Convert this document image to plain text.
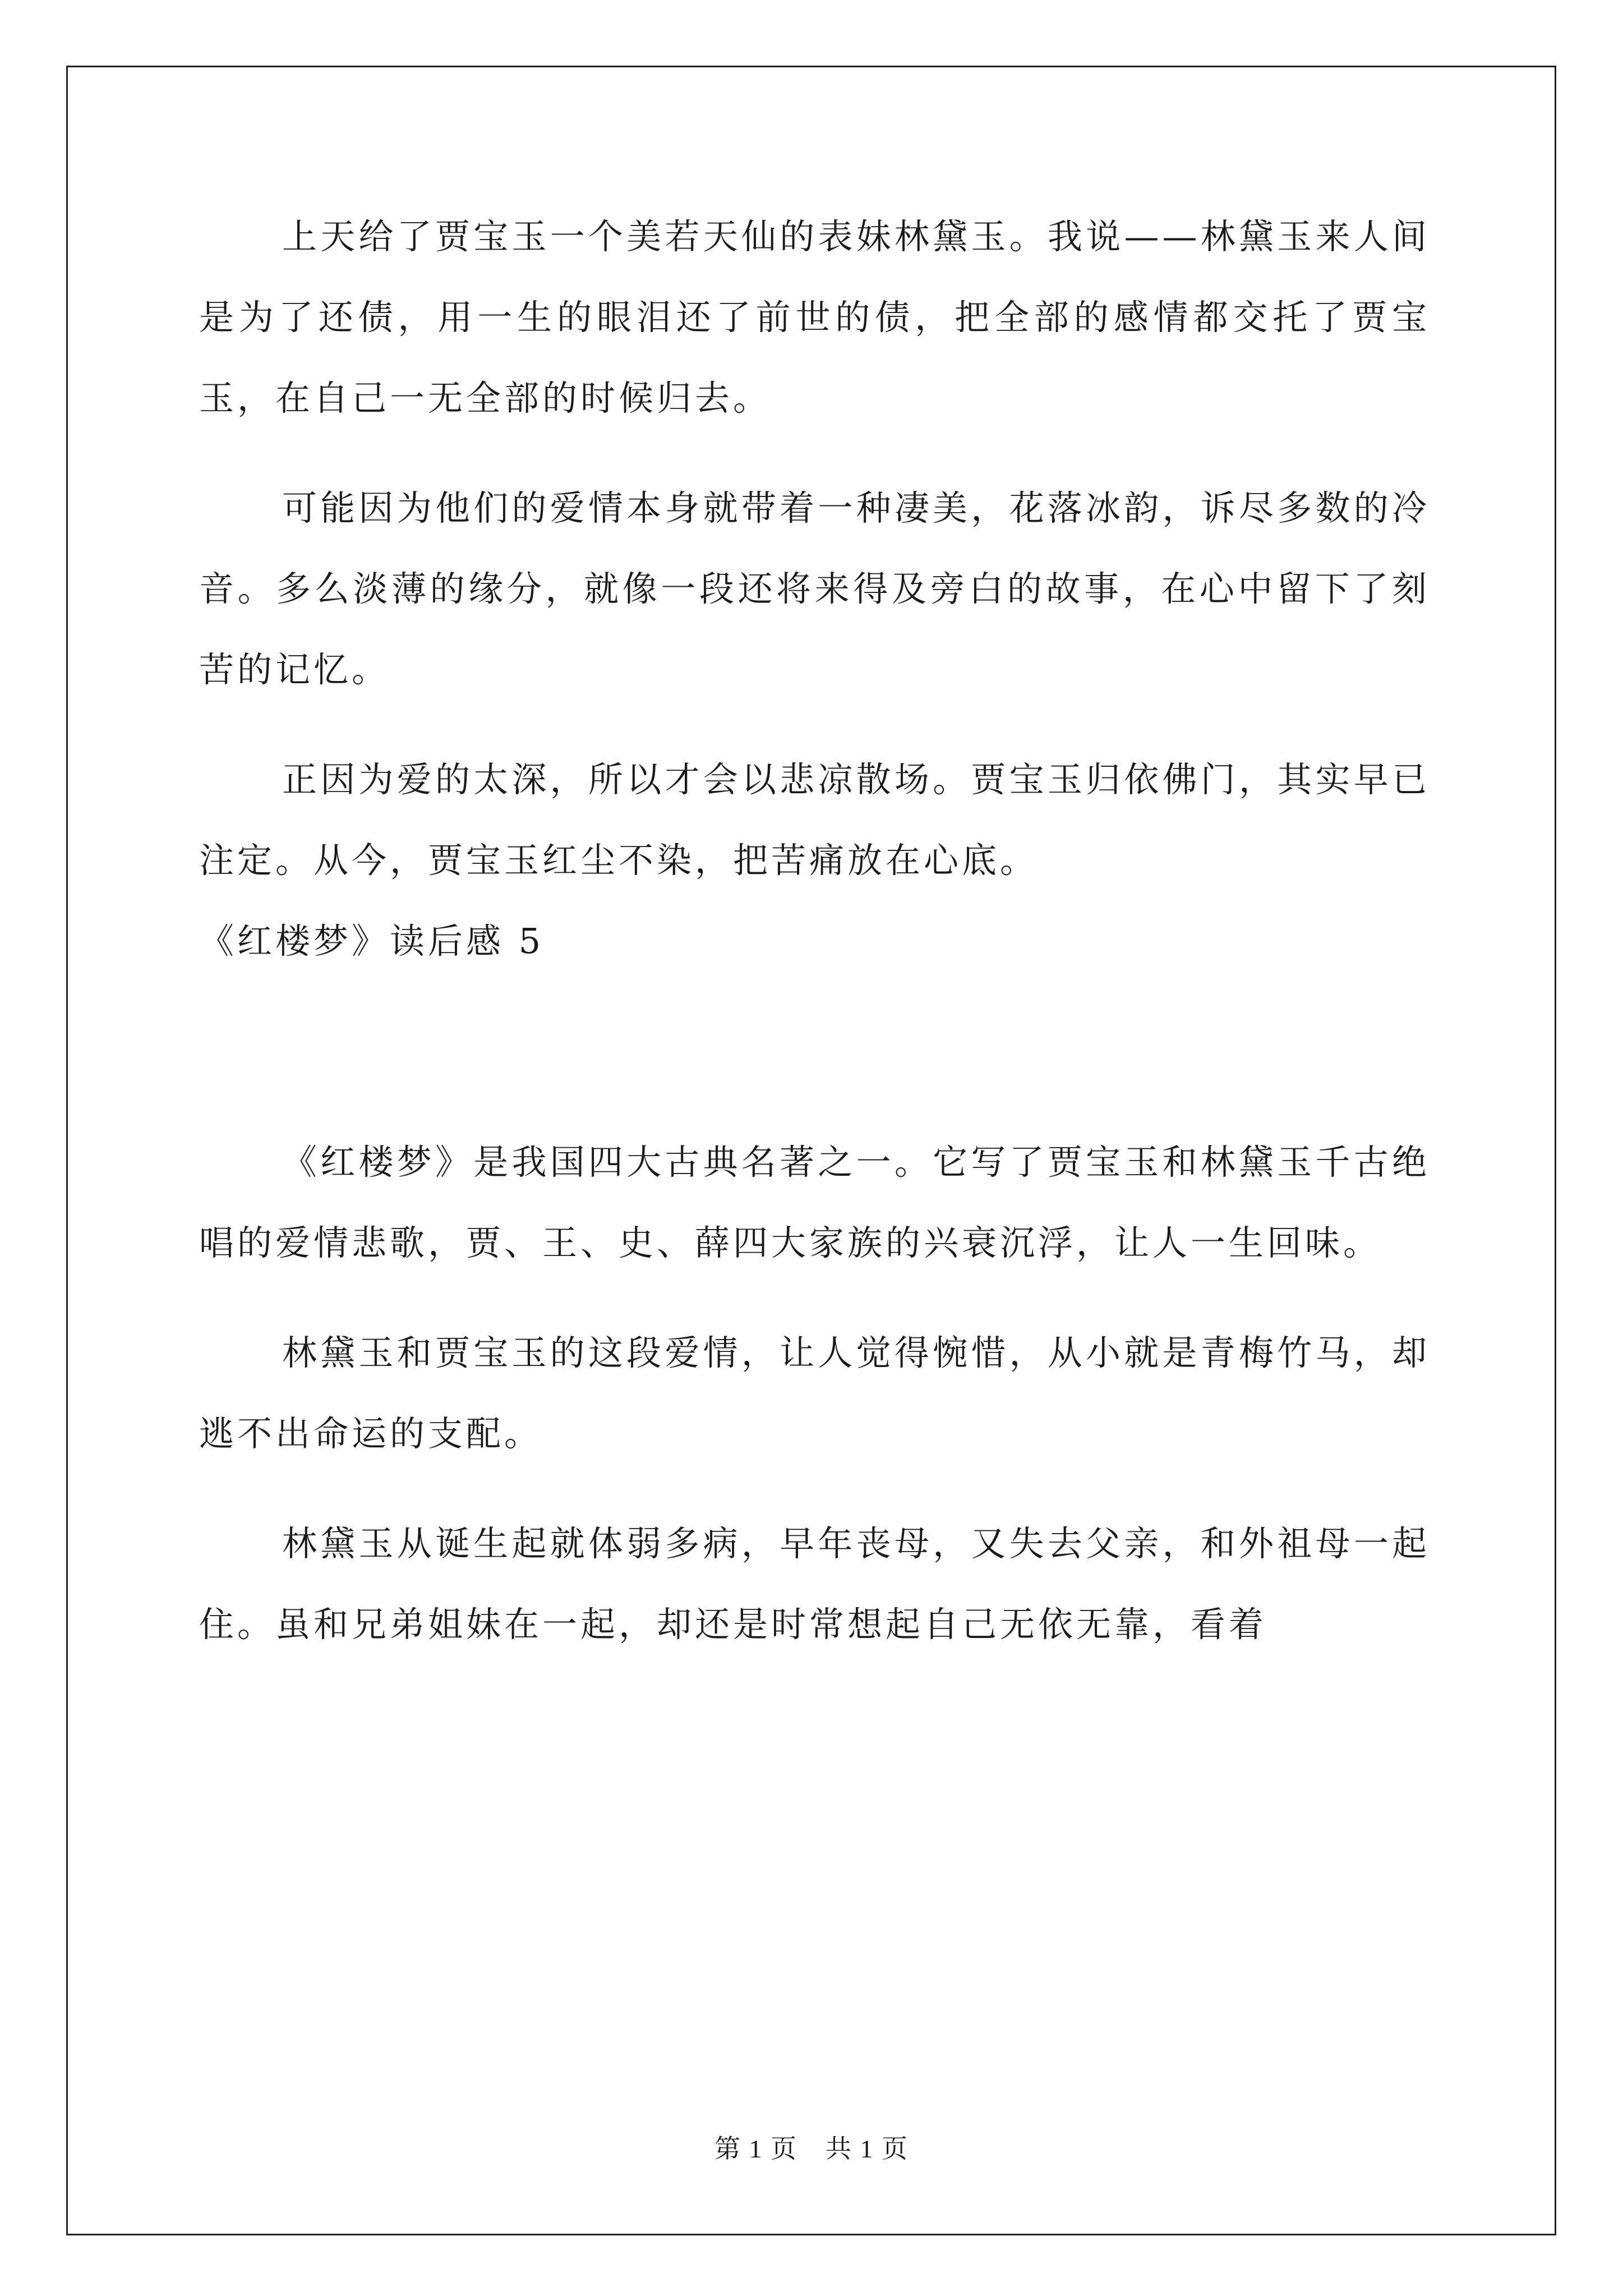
上天给了贾宝玉一个美若天仙的表妹林黛玉。我说——林黛玉来人间是为了还债，用一生的眼泪还了前世的债，把全部的感情都交托了贾宝玉，在自己一无全部的时候归去。

可能因为他们的爱情本身就带着一种凄美，花落冰韵，诉尽多数的冷音。多么淡薄的缘分，就像一段还将来得及旁白的故事，在心中留下了刻苦的记忆。

正因为爱的太深，所以才会以悲凉散场。贾宝玉归依佛门，其实早已注定。从今，贾宝玉红尘不染，把苦痛放在心底。

《红楼梦》读后感 5

《红楼梦》是我国四大古典名著之一。它写了贾宝玉和林黛玉千古绝唱的爱情悲歌，贾、王、史、薛四大家族的兴衰沉浮，让人一生回味。

林黛玉和贾宝玉的这段爱情，让人觉得惋惜，从小就是青梅竹马，却逃不出命运的支配。

林黛玉从诞生起就体弱多病，早年丧母，又失去父亲，和外祖母一起住。虽和兄弟姐妹在一起，却还是时常想起自己无依无靠，看着

第 1 页 共 1 页
